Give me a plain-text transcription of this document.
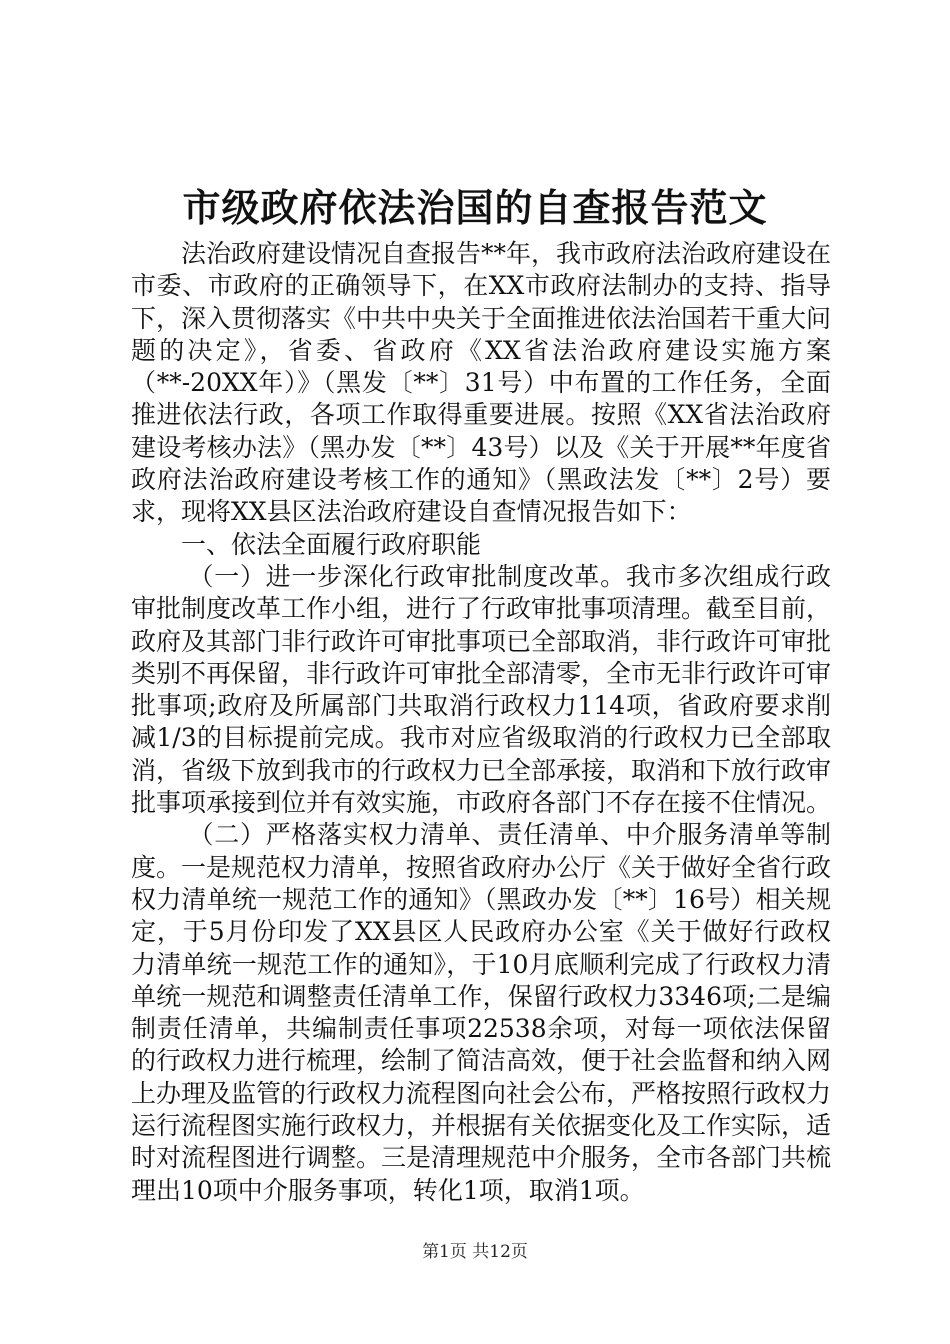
市级政府依法治国的自查报告范文

法治政府建设情况自查报告**年，我市政府法治政府建设在市委、市政府的正确领导下，在XX市政府法制办的支持、指导下，深入贯彻落实《中共中央关于全面推进依法治国若干重大问题的决定》，省委、省政府《XX省法治政府建设实施方案（**-20XX年）》（黑发〔**〕31号）中布置的工作任务，全面推进依法行政，各项工作取得重要进展。按照《XX省法治政府建设考核办法》（黑办发〔**〕43号）以及《关于开展**年度省政府法治政府建设考核工作的通知》（黑政法发〔**〕2号）要求，现将XX县区法治政府建设自查情况报告如下：

一、依法全面履行政府职能

（一）进一步深化行政审批制度改革。我市多次组成行政审批制度改革工作小组，进行了行政审批事项清理。截至目前，政府及其部门非行政许可审批事项已全部取消，非行政许可审批类别不再保留，非行政许可审批全部清零，全市无非行政许可审批事项;政府及所属部门共取消行政权力114项，省政府要求削减1/3的目标提前完成。我市对应省级取消的行政权力已全部取消，省级下放到我市的行政权力已全部承接，取消和下放行政审批事项承接到位并有效实施，市政府各部门不存在接不住情况。

（二）严格落实权力清单、责任清单、中介服务清单等制度。一是规范权力清单，按照省政府办公厅《关于做好全省行政权力清单统一规范工作的通知》（黑政办发〔**〕16号）相关规定，于5月份印发了XX县区人民政府办公室《关于做好行政权力清单统一规范工作的通知》，于10月底顺利完成了行政权力清单统一规范和调整责任清单工作，保留行政权力3346项;二是编制责任清单，共编制责任事项22538余项，对每一项依法保留的行政权力进行梳理，绘制了简洁高效，便于社会监督和纳入网上办理及监管的行政权力流程图向社会公布，严格按照行政权力运行流程图实施行政权力，并根据有关依据变化及工作实际，适时对流程图进行调整。三是清理规范中介服务，全市各部门共梳理出10项中介服务事项，转化1项，取消1项。

第1页 共12页
